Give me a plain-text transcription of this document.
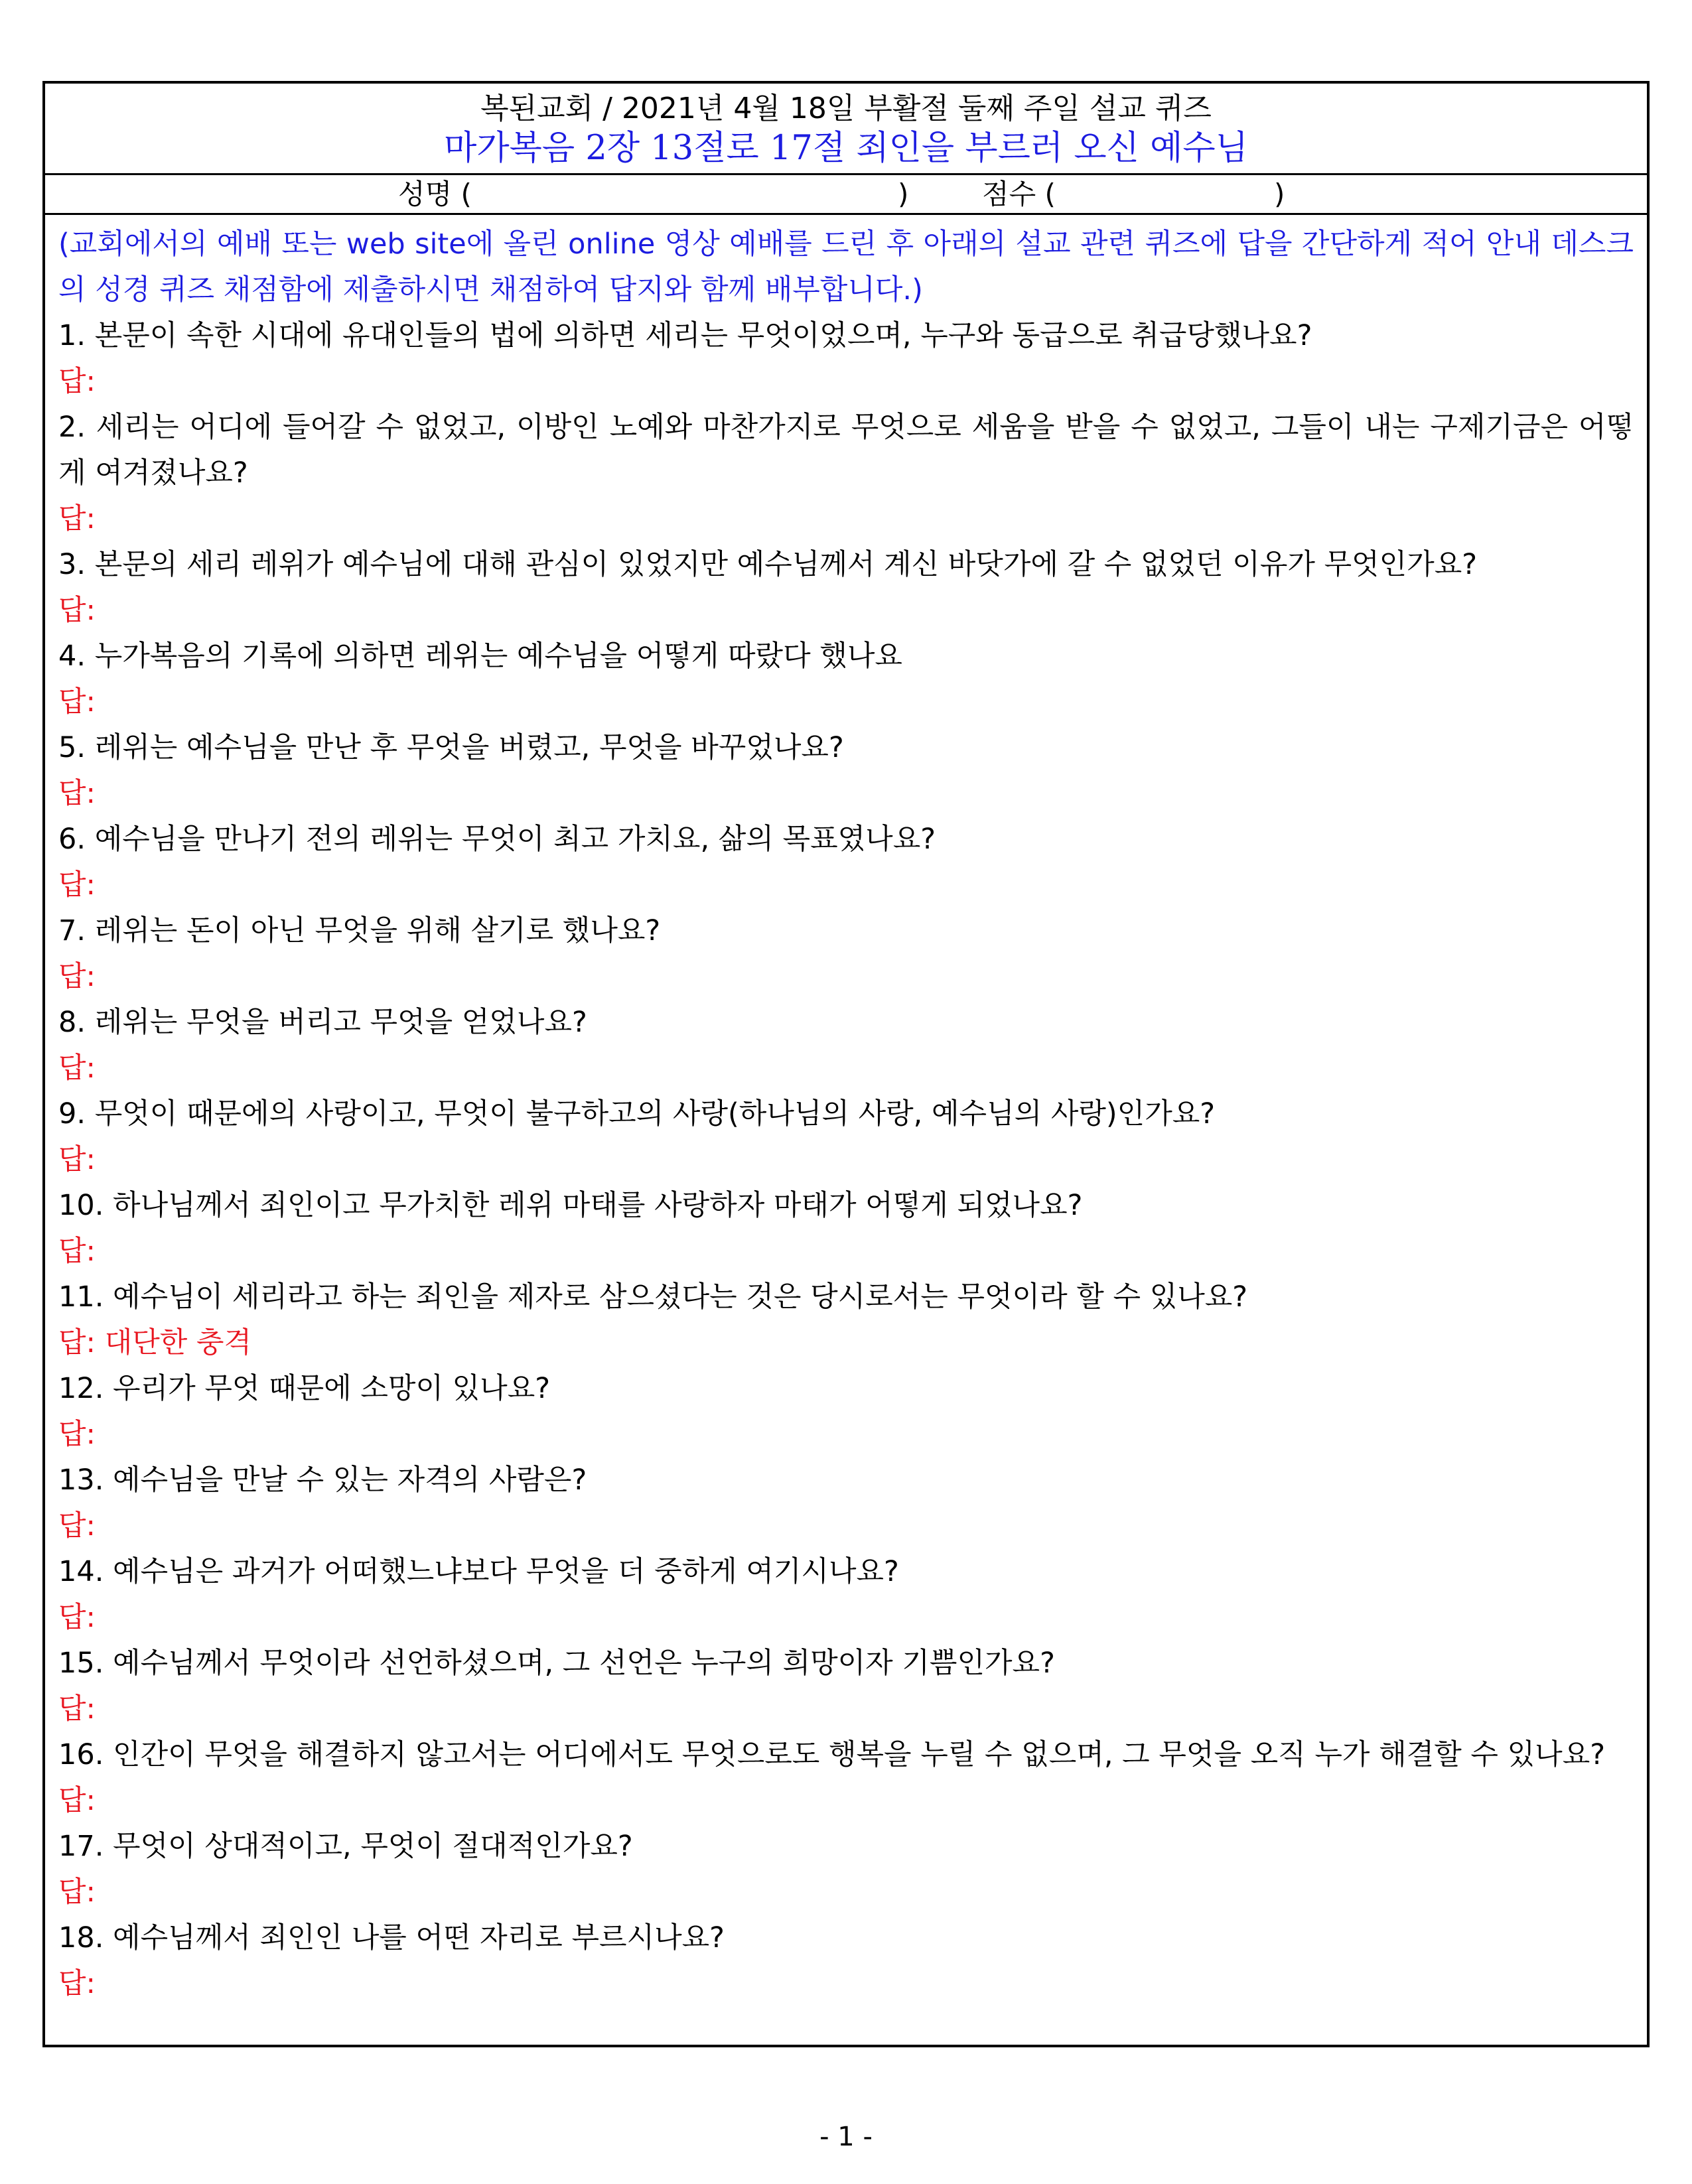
복된교회 / 2021년 4월 18일 부활절 둘째 주일 설교 퀴즈
마가복음 2장 13절로 17절 죄인을 부르러 오신 예수님
성명 (	)	점수 (	)
(교회에서의 예배 또는 web site에 올린 online 영상 예배를 드린 후 아래의 설교 관련 퀴즈에 답을 간단하게 적어 안내 데스크의 성경 퀴즈 채점함에 제출하시면 채점하여 답지와 함께 배부합니다.)
1. 본문이 속한 시대에 유대인들의 법에 의하면 세리는 무엇이었으며, 누구와 동급으로 취급당했나요?
답:
2. 세리는 어디에 들어갈 수 없었고, 이방인 노예와 마찬가지로 무엇으로 세움을 받을 수 없었고, 그들이 내는 구제기금은 어떻게 여겨졌나요?
답:
3. 본문의 세리 레위가 예수님에 대해 관심이 있었지만 예수님께서 계신 바닷가에 갈 수 없었던 이유가 무엇인가요?
답:
4. 누가복음의 기록에 의하면 레위는 예수님을 어떻게 따랐다 했나요
답:
5. 레위는 예수님을 만난 후 무엇을 버렸고, 무엇을 바꾸었나요?
답:
6. 예수님을 만나기 전의 레위는 무엇이 최고 가치요, 삶의 목표였나요?
답:
7. 레위는 돈이 아닌 무엇을 위해 살기로 했나요?
답:
8. 레위는 무엇을 버리고 무엇을 얻었나요?
답:
9. 무엇이 때문에의 사랑이고, 무엇이 불구하고의 사랑(하나님의 사랑, 예수님의 사랑)인가요?
답:
10. 하나님께서 죄인이고 무가치한 레위 마태를 사랑하자 마태가 어떻게 되었나요?
답:
11. 예수님이 세리라고 하는 죄인을 제자로 삼으셨다는 것은 당시로서는 무엇이라 할 수 있나요?
답: 대단한 충격
12. 우리가 무엇 때문에 소망이 있나요?
답:
13. 예수님을 만날 수 있는 자격의 사람은?
답:
14. 예수님은 과거가 어떠했느냐보다 무엇을 더 중하게 여기시나요?
답:
15. 예수님께서 무엇이라 선언하셨으며, 그 선언은 누구의 희망이자 기쁨인가요?
답:
16. 인간이 무엇을 해결하지 않고서는 어디에서도 무엇으로도 행복을 누릴 수 없으며, 그 무엇을 오직 누가 해결할 수 있나요?
답:
17. 무엇이 상대적이고, 무엇이 절대적인가요?
답:
18. 예수님께서 죄인인 나를 어떤 자리로 부르시나요?
답:
- 1 -
